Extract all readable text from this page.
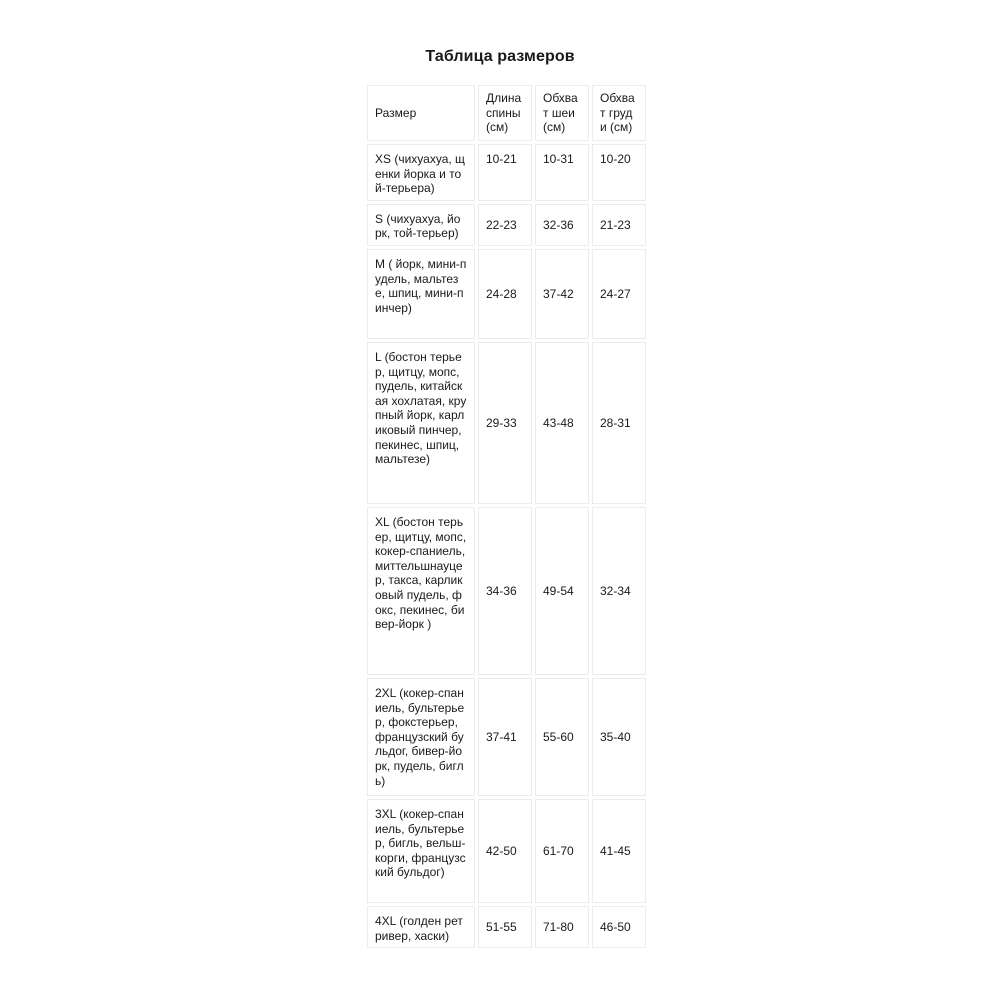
Таблица размеров
Размер	Длина спины (см)	Обхват шеи (см)	Обхват груди (см)
XS (чихуахуа, щенки йорка и той-терьера)	10-21	10-31	10-20
S (чихуахуа, йорк, той-терьер)	22-23	32-36	21-23
M ( йорк, мини-пудель, мальтезе, шпиц, мини-пинчер)	24-28	37-42	24-27
L (бостон терьер, щитцу, мопс, пудель, китайская хохлатая, крупный йорк, карликовый пинчер, пекинес, шпиц, мальтезе)	29-33	43-48	28-31
XL (бостон терьер, щитцу, мопс, кокер-спаниель, миттельшнауцер, такса, карликовый пудель, фокс, пекинес, бивер-йорк )	34-36	49-54	32-34
2XL (кокер-спаниель, бультерьер, фокстерьер, французский бульдог, бивер-йорк, пудель, бигль)	37-41	55-60	35-40
3XL (кокер-спаниель, бультерьер, бигль, вельш-корги, французский бульдог)	42-50	61-70	41-45
4XL (голден ретривер, хаски)	51-55	71-80	46-50
